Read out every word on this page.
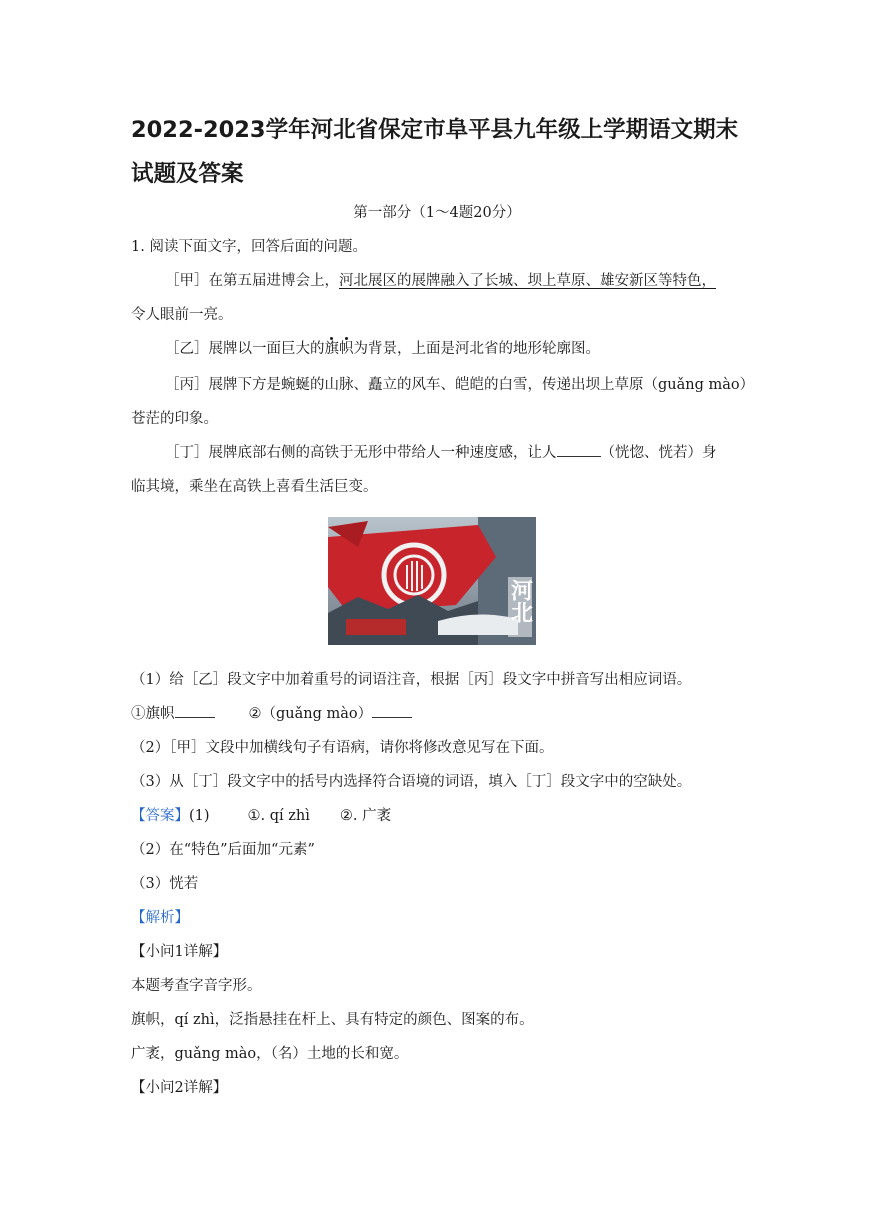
2022-2023学年河北省保定市阜平县九年级上学期语文期末
试题及答案
第一部分（1～4题20分）
1. 阅读下面文字，回答后面的问题。
［甲］在第五届进博会上，河北展区的展牌融入了长城、坝上草原、雄安新区等特色，
令人眼前一亮。
［乙］展牌以一面巨大的旗帜为背景，上面是河北省的地形轮廓图。
［丙］展牌下方是蜿蜒的山脉、矗立的风车、皑皑的白雪，传递出坝上草原（guǎng mào）
苍茫的印象。
［丁］展牌底部右侧的高铁于无形中带给人一种速度感，让人	（恍惚、恍若）身
临其境，乘坐在高铁上喜看生活巨变。
河北
（1）给［乙］段文字中加着重号的词语注音，根据［丙］段文字中拼音写出相应词语。
①旗帜	②（guǎng mào）
（2）［甲］文段中加横线句子有语病，请你将修改意见写在下面。
（3）从［丁］段文字中的括号内选择符合语境的词语，填入［丁］段文字中的空缺处。
【答案】(1)	①. qí zhì ②. 广袤
（2）在“特色”后面加“元素”
（3）恍若
【解析】
【小问1详解】
本题考查字音字形。
旗帜，qí zhì，泛指悬挂在杆上、具有特定的颜色、图案的布。
广袤，guǎng mào，（名）土地的长和宽。
【小问2详解】
